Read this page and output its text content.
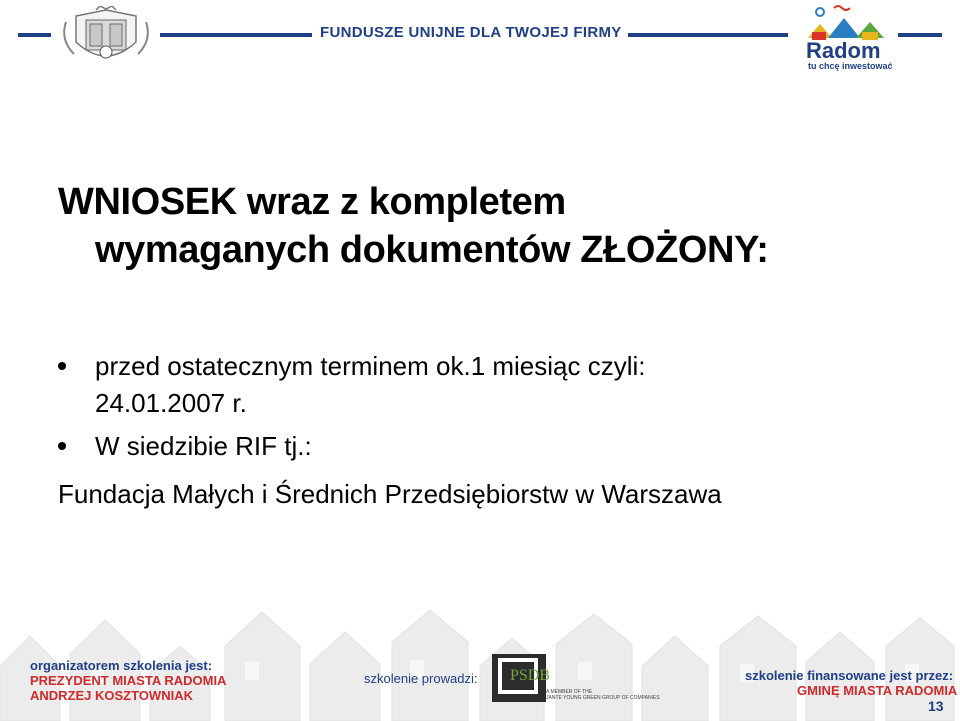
FUNDUSZE UNIJNE DLA TWOJEJ FIRMY
Radom
tu chcę inwestować
WNIOSEK wraz z kompletem
wymaganych dokumentów ZŁOŻONY:
przed ostatecznym terminem ok.1 miesiąc czyli:
24.01.2007 r.
W siedzibie RIF tj.:
Fundacja Małych i Średnich Przedsiębiorstw w Warszawa
organizatorem szkolenia jest:
PREZYDENT MIASTA RADOMIA
ANDRZEJ KOSZTOWNIAK
szkolenie prowadzi: PSDB
A MEMBER OF THE
JANTE YOUNG GREEN GROUP OF COMPANIES
szkolenie finansowane jest przez:
GMINĘ MIASTA RADOMIA
13
